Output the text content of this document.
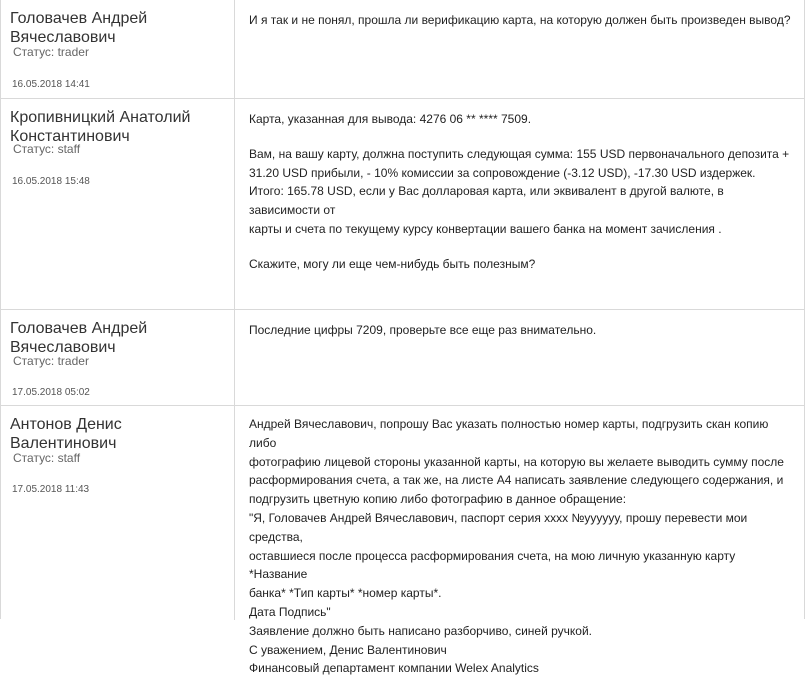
Головачев Андрей Вячеславович
Статус: trader
16.05.2018 14:41

И я так и не понял, прошла ли верификацию карта, на которую должен быть произведен вывод?

Кропивницкий Анатолий Константинович
Статус: staff
16.05.2018 15:48

Карта, указанная для вывода: 4276 06 ** **** 7509.

Вам, на вашу карту, должна поступить следующая сумма: 155 USD первоначального депозита +
31.20 USD прибыли, - 10% комиссии за сопровождение (-3.12 USD), -17.30 USD издержек.
Итого: 165.78 USD, если у Вас долларовая карта, или эквивалент в другой валюте, в зависимости от
карты и счета по текущему курсу конвертации вашего банка на момент зачисления .

Скажите, могу ли еще чем-нибудь быть полезным?

Головачев Андрей Вячеславович
Статус: trader
17.05.2018 05:02

Последние цифры 7209, проверьте все еще раз внимательно.

Антонов Денис Валентинович
Статус: staff
17.05.2018 11:43

Андрей Вячеславович, попрошу Вас указать полностью номер карты, подгрузить скан копию либо
фотографию лицевой стороны указанной карты, на которую вы желаете выводить сумму после
расформирования счета, а так же, на листе А4 написать заявление следующего содержания, и
подгрузить цветную копию либо фотографию в данное обращение:
"Я, Головачев Андрей Вячеславович, паспорт серия хххх №уууууу, прошу перевести мои средства,
оставшиеся после процесса расформирования счета, на мою личную указанную карту *Название
банка* *Тип карты* *номер карты*.
Дата Подпись"
Заявление должно быть написано разборчиво, синей ручкой.
С уважением, Денис Валентинович
Финансовый департамент компании Welex Analytics
